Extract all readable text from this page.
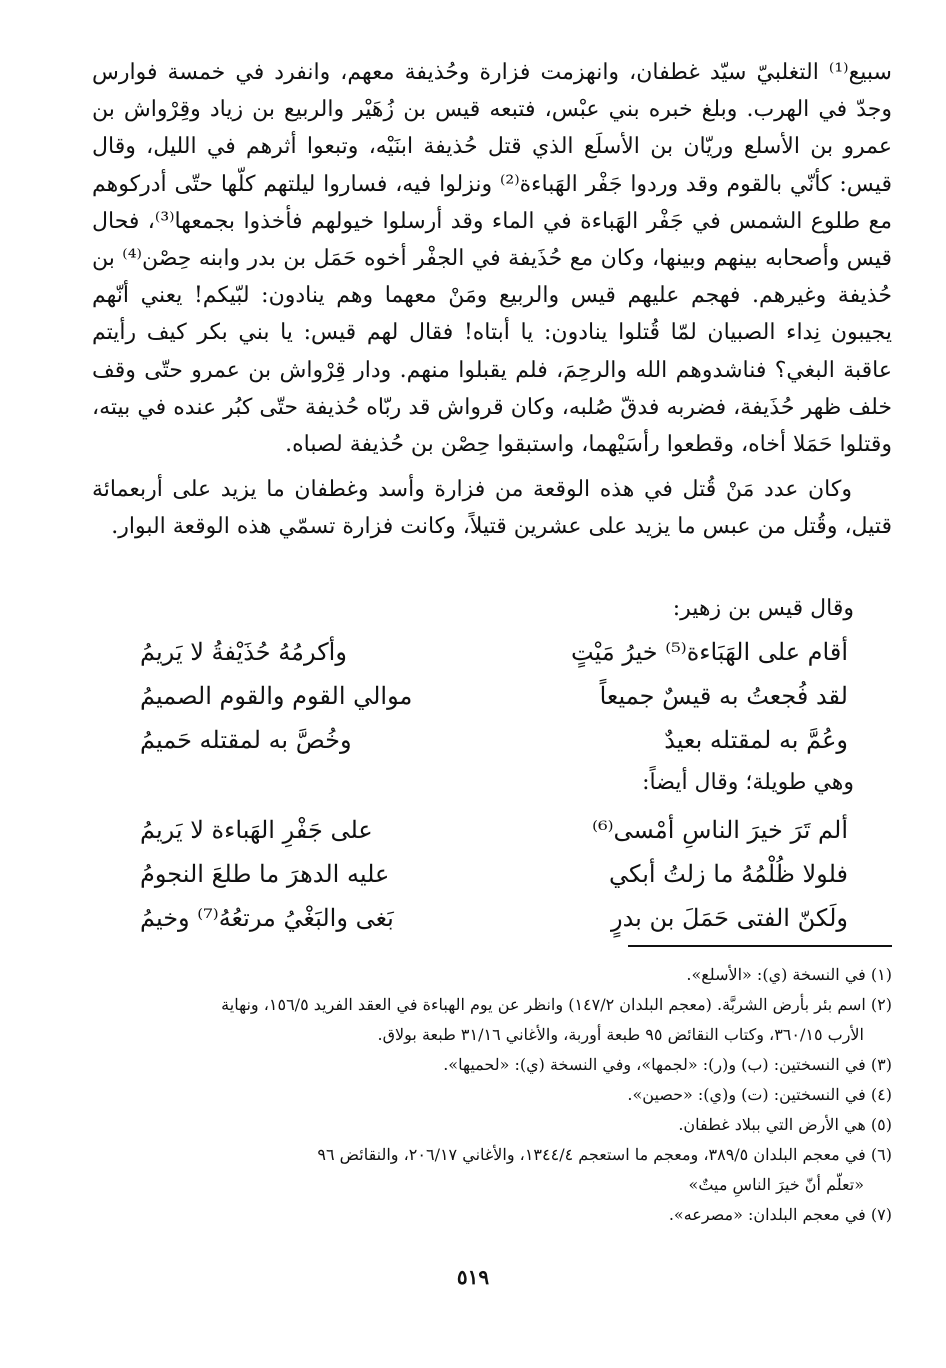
سبيع⁽¹⁾ التغلبيّ سيّد غطفان، وانهزمت فزارة وحُذيفة معهم، وانفرد في خمسة فوارس وجدّ في الهرب. وبلغ خبره بني عبْس، فتبعه قيس بن زُهَيْر والربيع بن زياد وقِرْواش بن عمرو بن الأسلع وريّان بن الأسلَع الذي قتل حُذيفة ابنَيْه، وتبعوا أثرهم في الليل، وقال قيس: كأنّي بالقوم وقد وردوا جَفْر الهَباءة⁽²⁾ ونزلوا فيه، فساروا ليلتهم كلّها حتّى أدركوهم مع طلوع الشمس في جَفْر الهَباءة في الماء وقد أرسلوا خيولهم فأخذوا بجمعها⁽³⁾، فحال قيس وأصحابه بينهم وبينها، وكان مع حُذَيفة في الجفْر أخوه حَمَل بن بدر وابنه حِصْن⁽⁴⁾ بن حُذيفة وغيرهم. فهجم عليهم قيس والربيع ومَنْ معهما وهم ينادون: لبّيكم! يعني أنّهم يجيبون نِداء الصبيان لمّا قُتلوا ينادون: يا أبتاه! فقال لهم قيس: يا بني بكر كيف رأيتم عاقبة البغي؟ فناشدوهم الله والرحِمَ، فلم يقبلوا منهم. ودار قِرْواش بن عمرو حتّى وقف خلف ظهر حُذَيفة، فضربه فدقّ صُلبه، وكان قرواش قد ربّاه حُذيفة حتّى كبُر عنده في بيته، وقتلوا حَمَلا أخاه، وقطعوا رأسَيْهما، واستبقوا حِصْن بن حُذيفة لصباه.

وكان عدد مَنْ قُتل في هذه الوقعة من فزارة وأسد وغطفان ما يزيد على أربعمائة قتيل، وقُتل من عبس ما يزيد على عشرين قتيلاً، وكانت فزارة تسمّي هذه الوقعة البوار.

وقال قيس بن زهير:
أقام على الهَبَاءة⁽⁵⁾ خيرُ مَيْتٍ
وأكرمُهُ حُذَيْفةُ لا يَريمُ
لقد فُجعتُ به قيسٌ جميعاً
موالي القوم والقوم الصميمُ
وعُمَّ به لمقتله بعيدٌ
وخُصَّ به لمقتله حَميمُ
وهي طويلة؛ وقال أيضاً:
ألم تَرَ خيرَ الناسِ أمْسى⁽⁶⁾
على جَفْرِ الهَباءة لا يَريمُ
فلولا ظُلْمُهُ ما زلتُ أبكي
عليه الدهرَ ما طلعَ النجومُ
ولَكنّ الفتى حَمَلَ بن بدرٍ
بَغى والبَغْيُ مرتعُهُ⁽⁷⁾ وخيمُ

(١) في النسخة (ي): «الأسلع».

(٢) اسم بئر بأرض الشربَّة. (معجم البلدان ١٤٧/٢) وانظر عن يوم الهباءة في العقد الفريد ١٥٦/٥، ونهاية
الأرب ٣٦٠/١٥، وكتاب النقائض ٩٥ طبعة أوربة، والأغاني ٣١/١٦ طبعة بولاق.

(٣) في النسختين: (ب) و(ر): «لجمها»، وفي النسخة (ي): «لحميها».

(٤) في النسختين: (ت) و(ي): «حصين».

(٥) هي الأرض التي ببلاد غطفان.

(٦) في معجم البلدان ٣٨٩/٥، ومعجم ما استعجم ١٣٤٤/٤، والأغاني ٢٠٦/١٧، والنقائض ٩٦
«تعلّم أنّ خيرَ الناسِ ميتٌ»

(٧) في معجم البلدان: «مصرعه».

٥١٩
